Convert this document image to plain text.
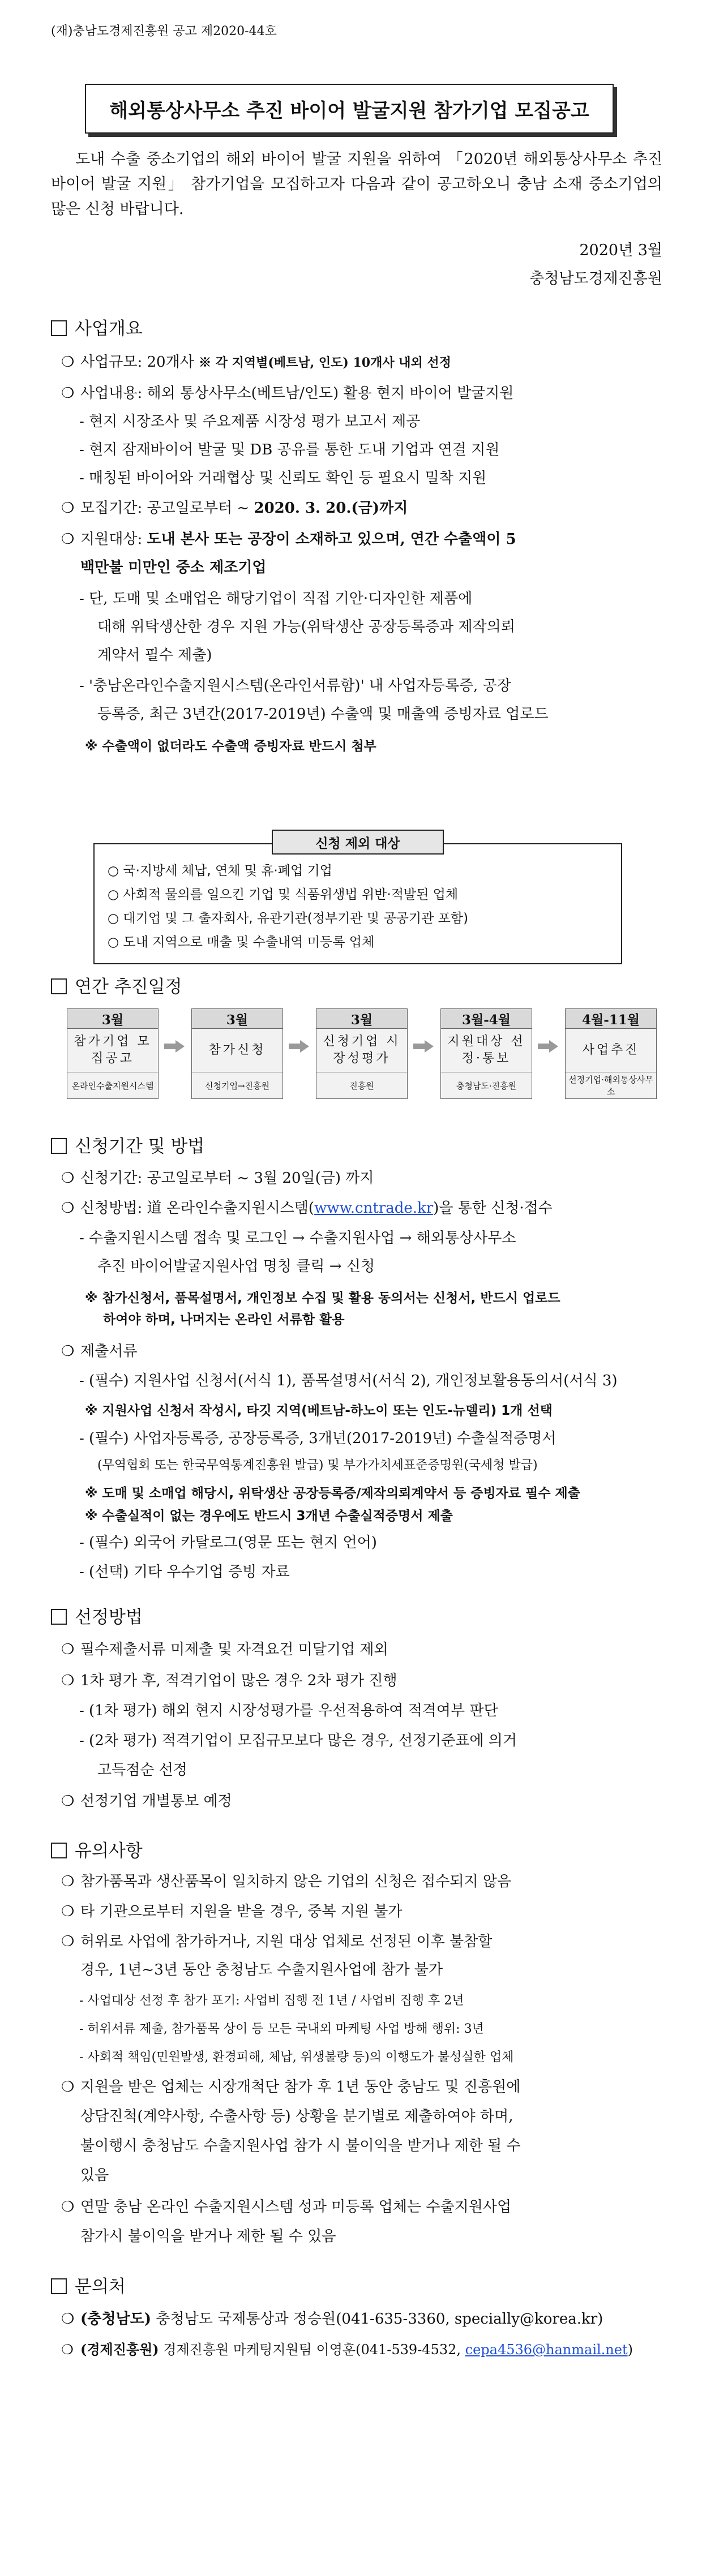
(재)충남도경제진흥원 공고 제2020-44호
해외통상사무소 추진 바이어 발굴지원 참가기업 모집공고
도내 수출 중소기업의 해외 바이어 발굴 지원을 위하여 「2020년 해외통상사무소 추진 바이어 발굴 지원」 참가기업을 모집하고자 다음과 같이 공고하오니 충남 소재 중소기업의 많은 신청 바랍니다.
2020년 3월
충청남도경제진흥원
사업개요
❍ 사업규모: 20개사 ※ 각 지역별(베트남, 인도) 10개사 내외 선정
❍ 사업내용: 해외 통상사무소(베트남/인도) 활용 현지 바이어 발굴지원
- 현지 시장조사 및 주요제품 시장성 평가 보고서 제공
- 현지 잠재바이어 발굴 및 DB 공유를 통한 도내 기업과 연결 지원
- 매칭된 바이어와 거래협상 및 신뢰도 확인 등 필요시 밀착 지원
❍ 모집기간: 공고일로부터 ~ 2020. 3. 20.(금)까지
❍ 지원대상: 도내 본사 또는 공장이 소재하고 있으며, 연간 수출액이 5
백만불 미만인 중소 제조기업
- 단, 도매 및 소매업은 해당기업이 직접 기안·디자인한 제품에
대해 위탁생산한 경우 지원 가능(위탁생산 공장등록증과 제작의뢰
계약서 필수 제출)
- '충남온라인수출지원시스템(온라인서류함)' 내 사업자등록증, 공장
등록증, 최근 3년간(2017-2019년) 수출액 및 매출액 증빙자료 업로드
※ 수출액이 없더라도 수출액 증빙자료 반드시 첨부
신청 제외 대상
○ 국·지방세 체납, 연체 및 휴·폐업 기업
○ 사회적 물의를 일으킨 기업 및 식품위생법 위반·적발된 업체
○ 대기업 및 그 출자회사, 유관기관(정부기관 및 공공기관 포함)
○ 도내 지역으로 매출 및 수출내역 미등록 업체
연간 추진일정
3월
참가기업 모집공고
온라인수출지원시스템
3월
참가신청
신청기업→진흥원
3월
신청기업 시장성평가
진흥원
3월-4월
지원대상 선정·통보
충청남도·진흥원
4월-11월
사업추진
선정기업·해외통상사무소
신청기간 및 방법
❍ 신청기간: 공고일로부터 ~ 3월 20일(금) 까지
❍ 신청방법: 道 온라인수출지원시스템(www.cntrade.kr)을 통한 신청·접수
- 수출지원시스템 접속 및 로그인 → 수출지원사업 → 해외통상사무소
추진 바이어발굴지원사업 명칭 클릭 → 신청
※ 참가신청서, 품목설명서, 개인정보 수집 및 활용 동의서는 신청서, 반드시 업로드
하여야 하며, 나머지는 온라인 서류함 활용
❍ 제출서류
- (필수) 지원사업 신청서(서식 1), 품목설명서(서식 2), 개인정보활용동의서(서식 3)
※ 지원사업 신청서 작성시, 타깃 지역(베트남-하노이 또는 인도-뉴델리) 1개 선택
- (필수) 사업자등록증, 공장등록증, 3개년(2017-2019년) 수출실적증명서
(무역협회 또는 한국무역통계진흥원 발급) 및 부가가치세표준증명원(국세청 발급)
※ 도매 및 소매업 해당시, 위탁생산 공장등록증/제작의뢰계약서 등 증빙자료 필수 제출
※ 수출실적이 없는 경우에도 반드시 3개년 수출실적증명서 제출
- (필수) 외국어 카탈로그(영문 또는 현지 언어)
- (선택) 기타 우수기업 증빙 자료
선정방법
❍ 필수제출서류 미제출 및 자격요건 미달기업 제외
❍ 1차 평가 후, 적격기업이 많은 경우 2차 평가 진행
- (1차 평가) 해외 현지 시장성평가를 우선적용하여 적격여부 판단
- (2차 평가) 적격기업이 모집규모보다 많은 경우, 선정기준표에 의거
고득점순 선정
❍ 선정기업 개별통보 예정
유의사항
❍ 참가품목과 생산품목이 일치하지 않은 기업의 신청은 접수되지 않음
❍ 타 기관으로부터 지원을 받을 경우, 중복 지원 불가
❍ 허위로 사업에 참가하거나, 지원 대상 업체로 선정된 이후 불참할
경우, 1년~3년 동안 충청남도 수출지원사업에 참가 불가
- 사업대상 선정 후 참가 포기: 사업비 집행 전 1년 / 사업비 집행 후 2년
- 허위서류 제출, 참가품목 상이 등 모든 국내외 마케팅 사업 방해 행위: 3년
- 사회적 책임(민원발생, 환경피해, 체납, 위생불량 등)의 이행도가 불성실한 업체
❍ 지원을 받은 업체는 시장개척단 참가 후 1년 동안 충남도 및 진흥원에
상담진척(계약사항, 수출사항 등) 상황을 분기별로 제출하여야 하며,
불이행시 충청남도 수출지원사업 참가 시 불이익을 받거나 제한 될 수
있음
❍ 연말 충남 온라인 수출지원시스템 성과 미등록 업체는 수출지원사업
참가시 불이익을 받거나 제한 될 수 있음
문의처
❍ (충청남도) 충청남도 국제통상과 정승원(041-635-3360, specially@korea.kr)
❍ (경제진흥원) 경제진흥원 마케팅지원팀 이영훈(041-539-4532, cepa4536@hanmail.net)
